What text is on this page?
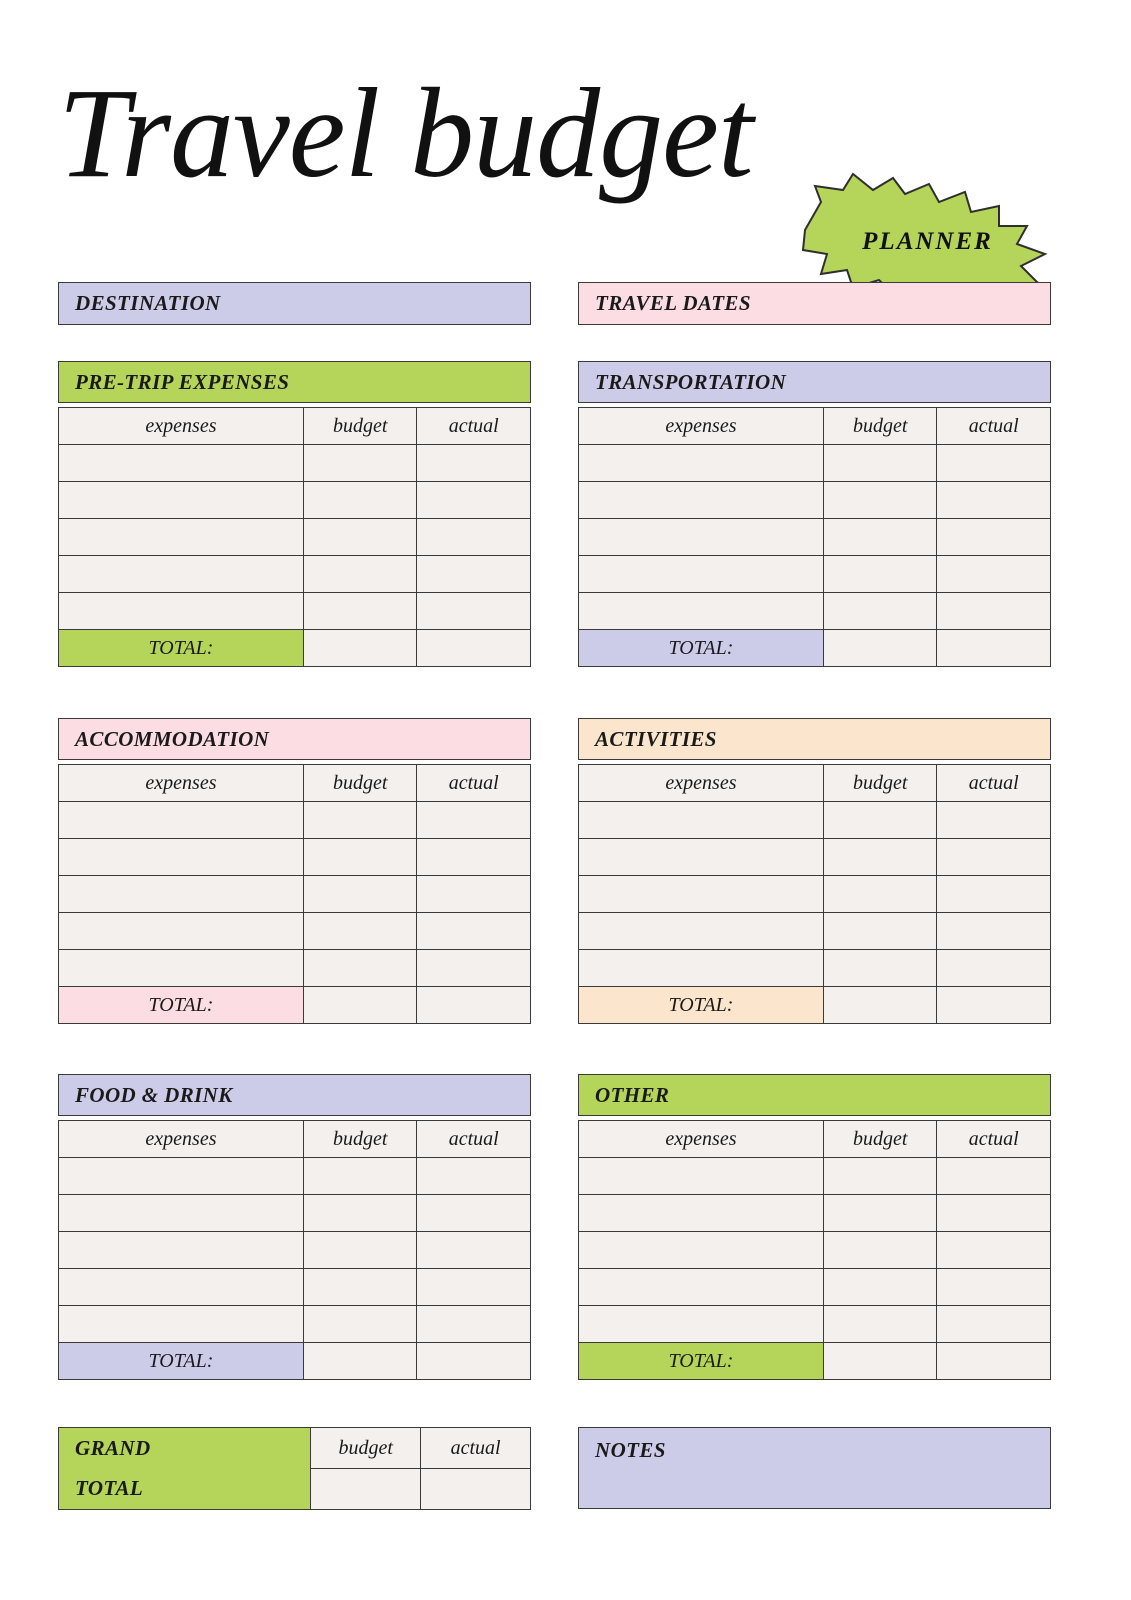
Travel budget
PLANNER
DESTINATION	TRAVEL DATES
PRE-TRIP EXPENSES
expenses	budget	actual

TOTAL:		
TRANSPORTATION
expenses	budget	actual

TOTAL:		
ACCOMMODATION
expenses	budget	actual

TOTAL:		
ACTIVITIES
expenses	budget	actual

TOTAL:		
FOOD & DRINK
expenses	budget	actual

TOTAL:		
OTHER
expenses	budget	actual

TOTAL:		
GRAND	budget	actual
TOTAL		
NOTES
